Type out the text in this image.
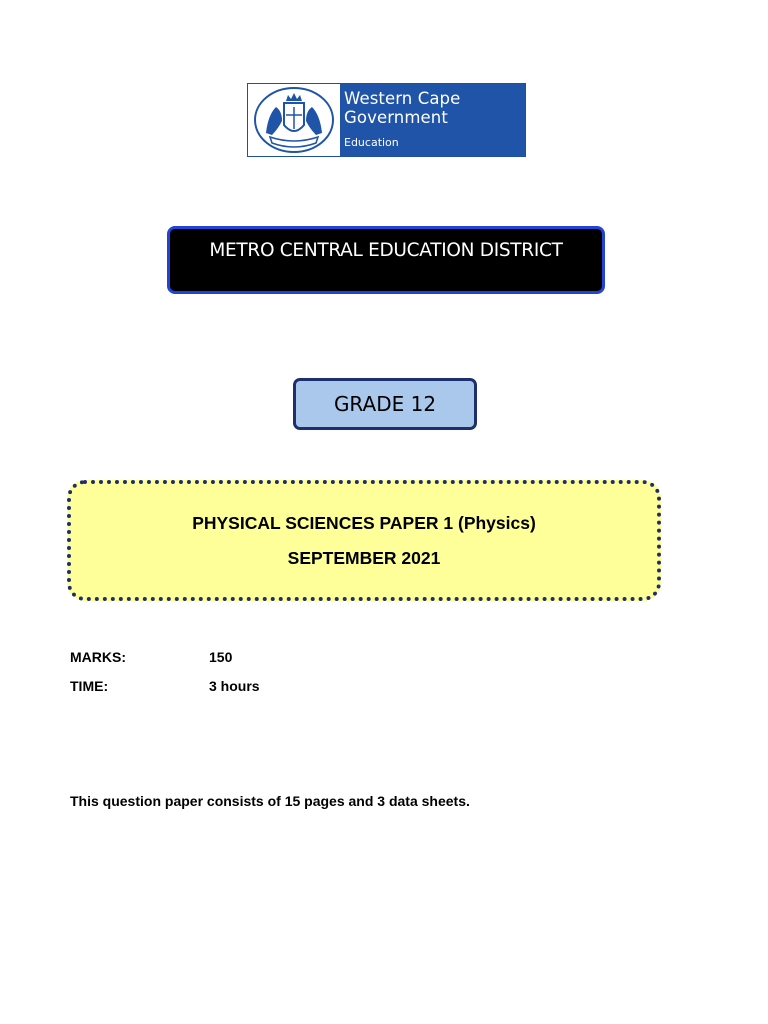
Western Cape
Government
Education
METRO CENTRAL EDUCATION DISTRICT
GRADE 12
PHYSICAL SCIENCES PAPER 1 (Physics)
SEPTEMBER 2021
MARKS:	150
TIME:	3 hours
This question paper consists of 15 pages and 3 data sheets.
